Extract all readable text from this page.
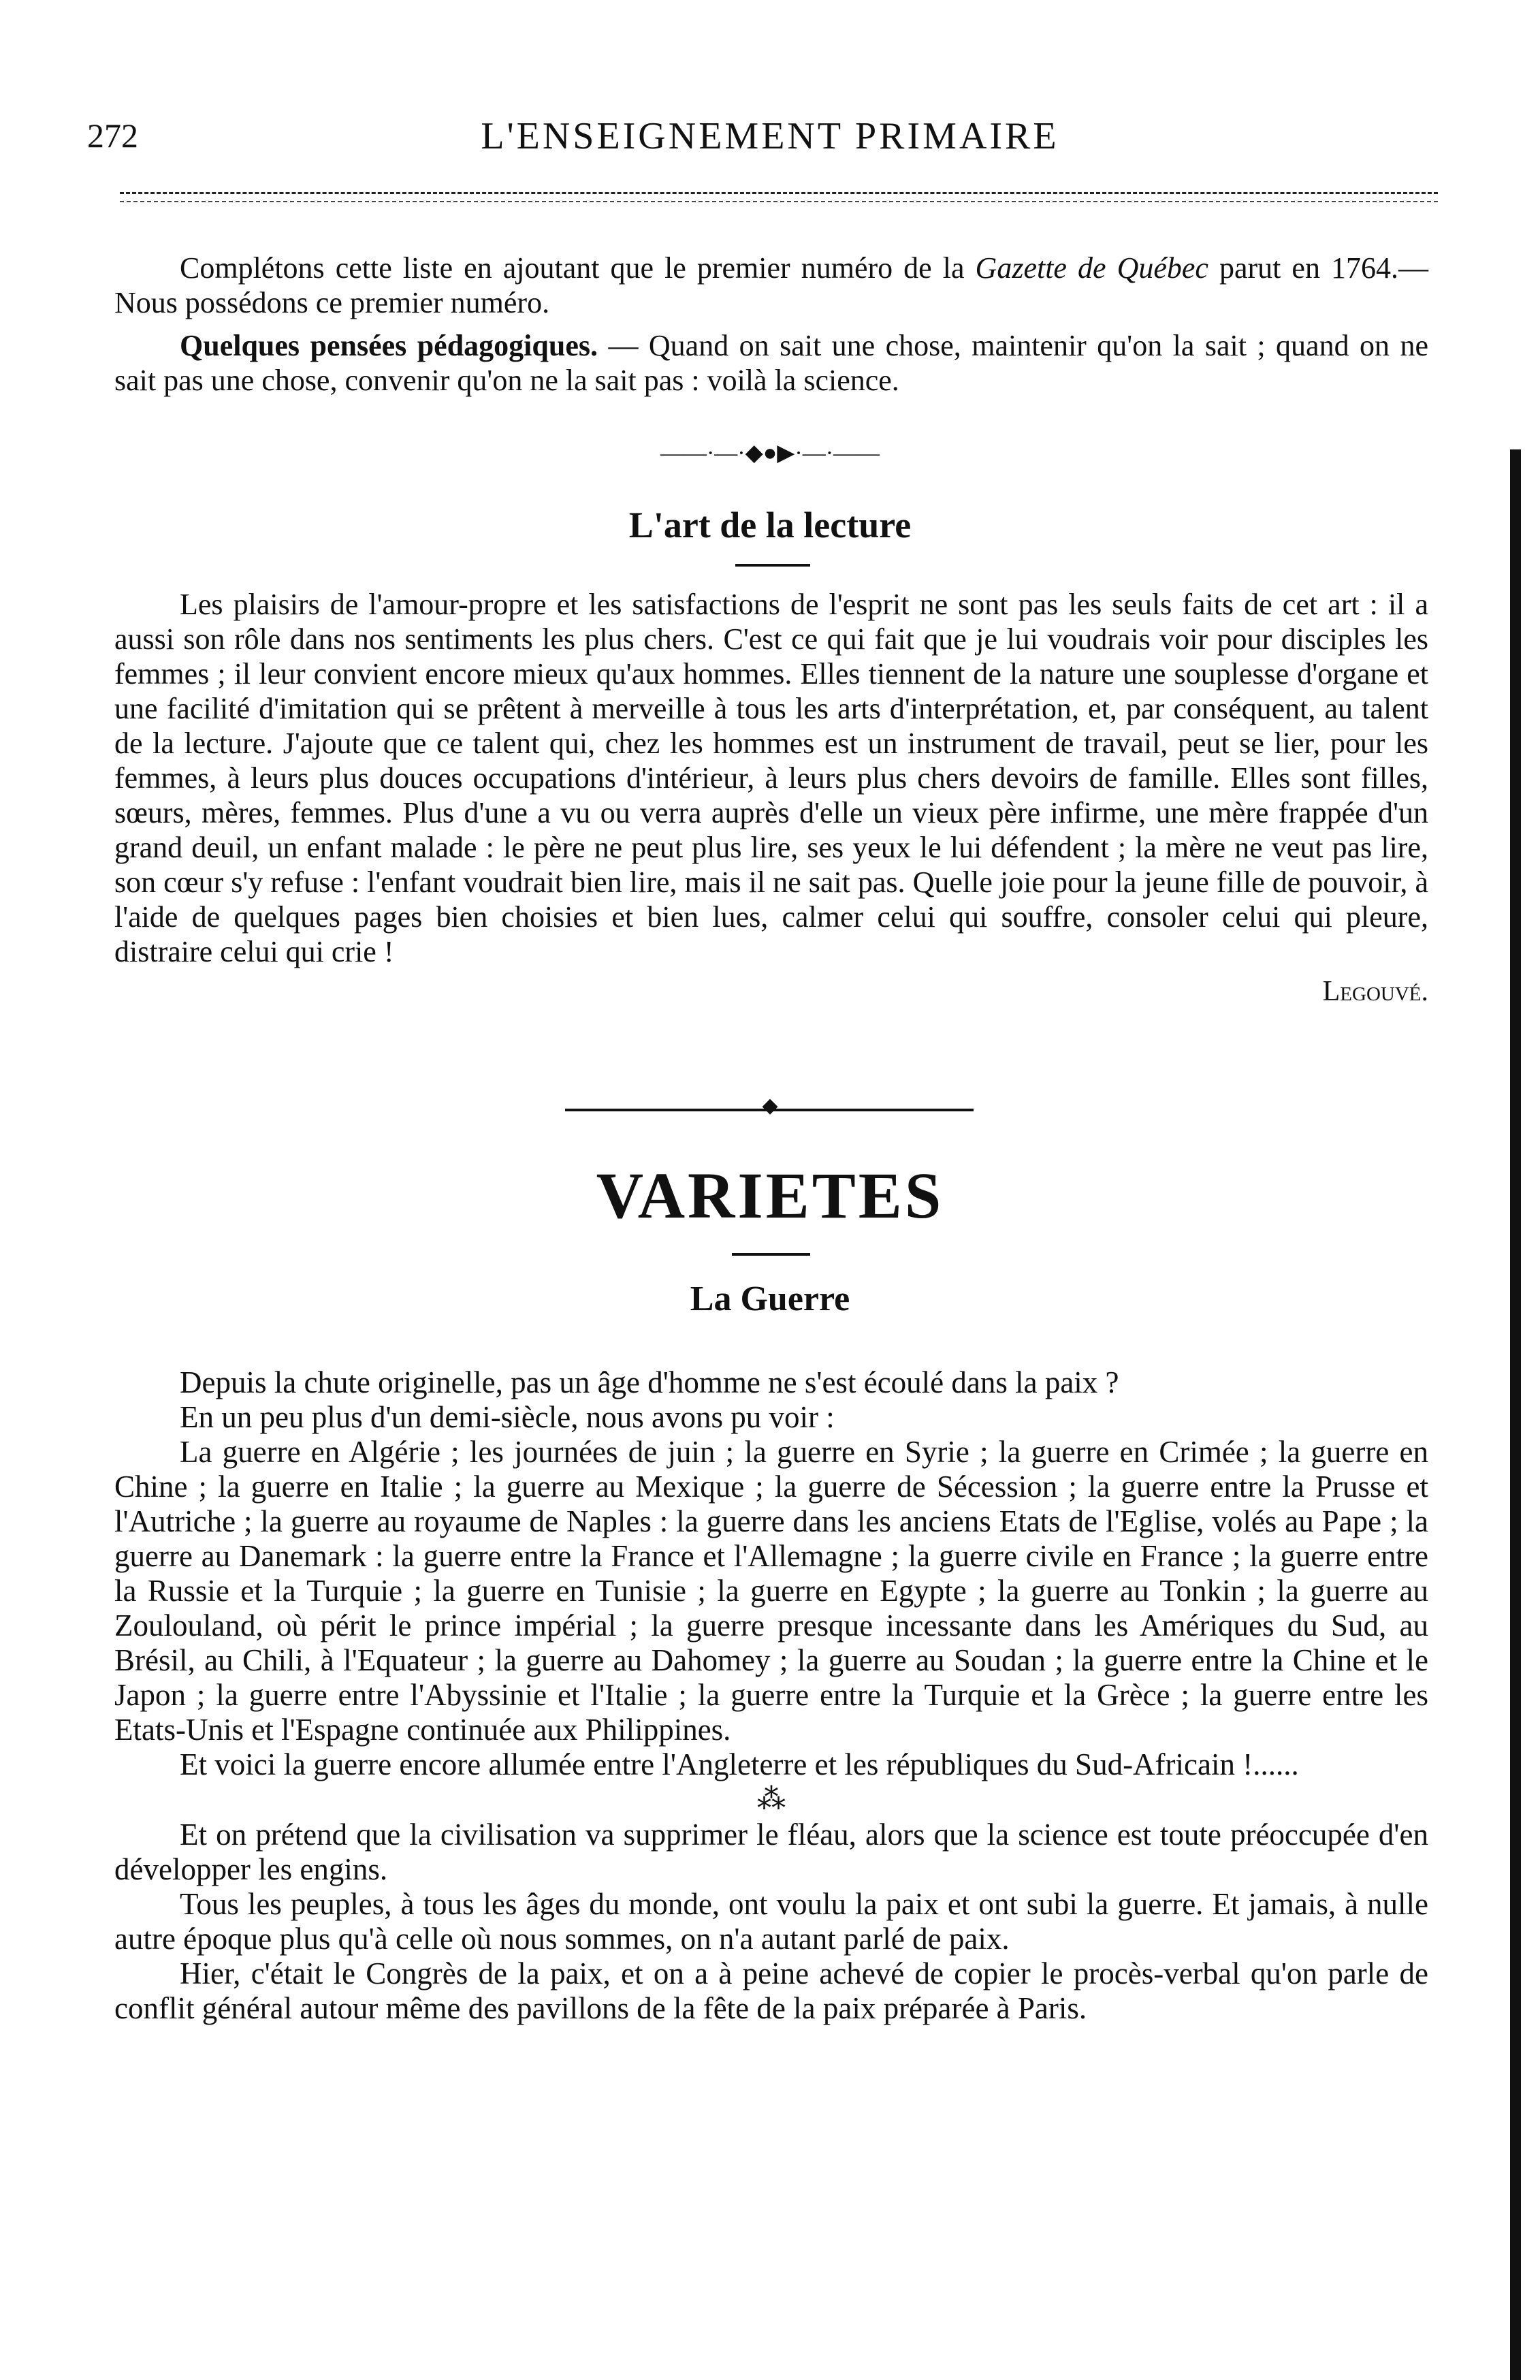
272	L'ENSEIGNEMENT PRIMAIRE

Complétons cette liste en ajoutant que le premier numéro de la Gazette de Québec parut en 1764.— Nous possédons ce premier numéro.

Quelques pensées pédagogiques. — Quand on sait une chose, maintenir qu'on la sait ; quand on ne sait pas une chose, convenir qu'on ne la sait pas : voilà la science.

——·—·◆●▶·—·——
L'art de la lecture

Les plaisirs de l'amour-propre et les satisfactions de l'esprit ne sont pas les seuls faits de cet art : il a aussi son rôle dans nos sentiments les plus chers. C'est ce qui fait que je lui voudrais voir pour disciples les femmes ; il leur convient encore mieux qu'aux hommes. Elles tiennent de la nature une souplesse d'organe et une facilité d'imitation qui se prêtent à merveille à tous les arts d'interprétation, et, par conséquent, au talent de la lecture. J'ajoute que ce talent qui, chez les hommes est un instrument de travail, peut se lier, pour les femmes, à leurs plus douces occupations d'intérieur, à leurs plus chers devoirs de famille. Elles sont filles, sœurs, mères, femmes. Plus d'une a vu ou verra auprès d'elle un vieux père infirme, une mère frappée d'un grand deuil, un enfant malade : le père ne peut plus lire, ses yeux le lui défendent ; la mère ne veut pas lire, son cœur s'y refuse : l'enfant voudrait bien lire, mais il ne sait pas. Quelle joie pour la jeune fille de pouvoir, à l'aide de quelques pages bien choisies et bien lues, calmer celui qui souffre, consoler celui qui pleure, distraire celui qui crie !

Legouvé.

◆
VARIETES
La Guerre

Depuis la chute originelle, pas un âge d'homme ne s'est écoulé dans la paix ?

En un peu plus d'un demi-siècle, nous avons pu voir :

La guerre en Algérie ; les journées de juin ; la guerre en Syrie ; la guerre en Crimée ; la guerre en Chine ; la guerre en Italie ; la guerre au Mexique ; la guerre de Sécession ; la guerre entre la Prusse et l'Autriche ; la guerre au royaume de Naples : la guerre dans les anciens Etats de l'Eglise, volés au Pape ; la guerre au Danemark : la guerre entre la France et l'Allemagne ; la guerre civile en France ; la guerre entre la Russie et la Turquie ; la guerre en Tunisie ; la guerre en Egypte ; la guerre au Tonkin ; la guerre au Zoulouland, où périt le prince impérial ; la guerre presque incessante dans les Amériques du Sud, au Brésil, au Chili, à l'Equateur ; la guerre au Dahomey ; la guerre au Soudan ; la guerre entre la Chine et le Japon ; la guerre entre l'Abyssinie et l'Italie ; la guerre entre la Turquie et la Grèce ; la guerre entre les Etats-Unis et l'Espagne continuée aux Philippines.

Et voici la guerre encore allumée entre l'Angleterre et les républiques du Sud-Africain !......

⁂

Et on prétend que la civilisation va supprimer le fléau, alors que la science est toute préoccupée d'en développer les engins.

Tous les peuples, à tous les âges du monde, ont voulu la paix et ont subi la guerre. Et jamais, à nulle autre époque plus qu'à celle où nous sommes, on n'a autant parlé de paix.

Hier, c'était le Congrès de la paix, et on a à peine achevé de copier le procès-verbal qu'on parle de conflit général autour même des pavillons de la fête de la paix préparée à Paris.
